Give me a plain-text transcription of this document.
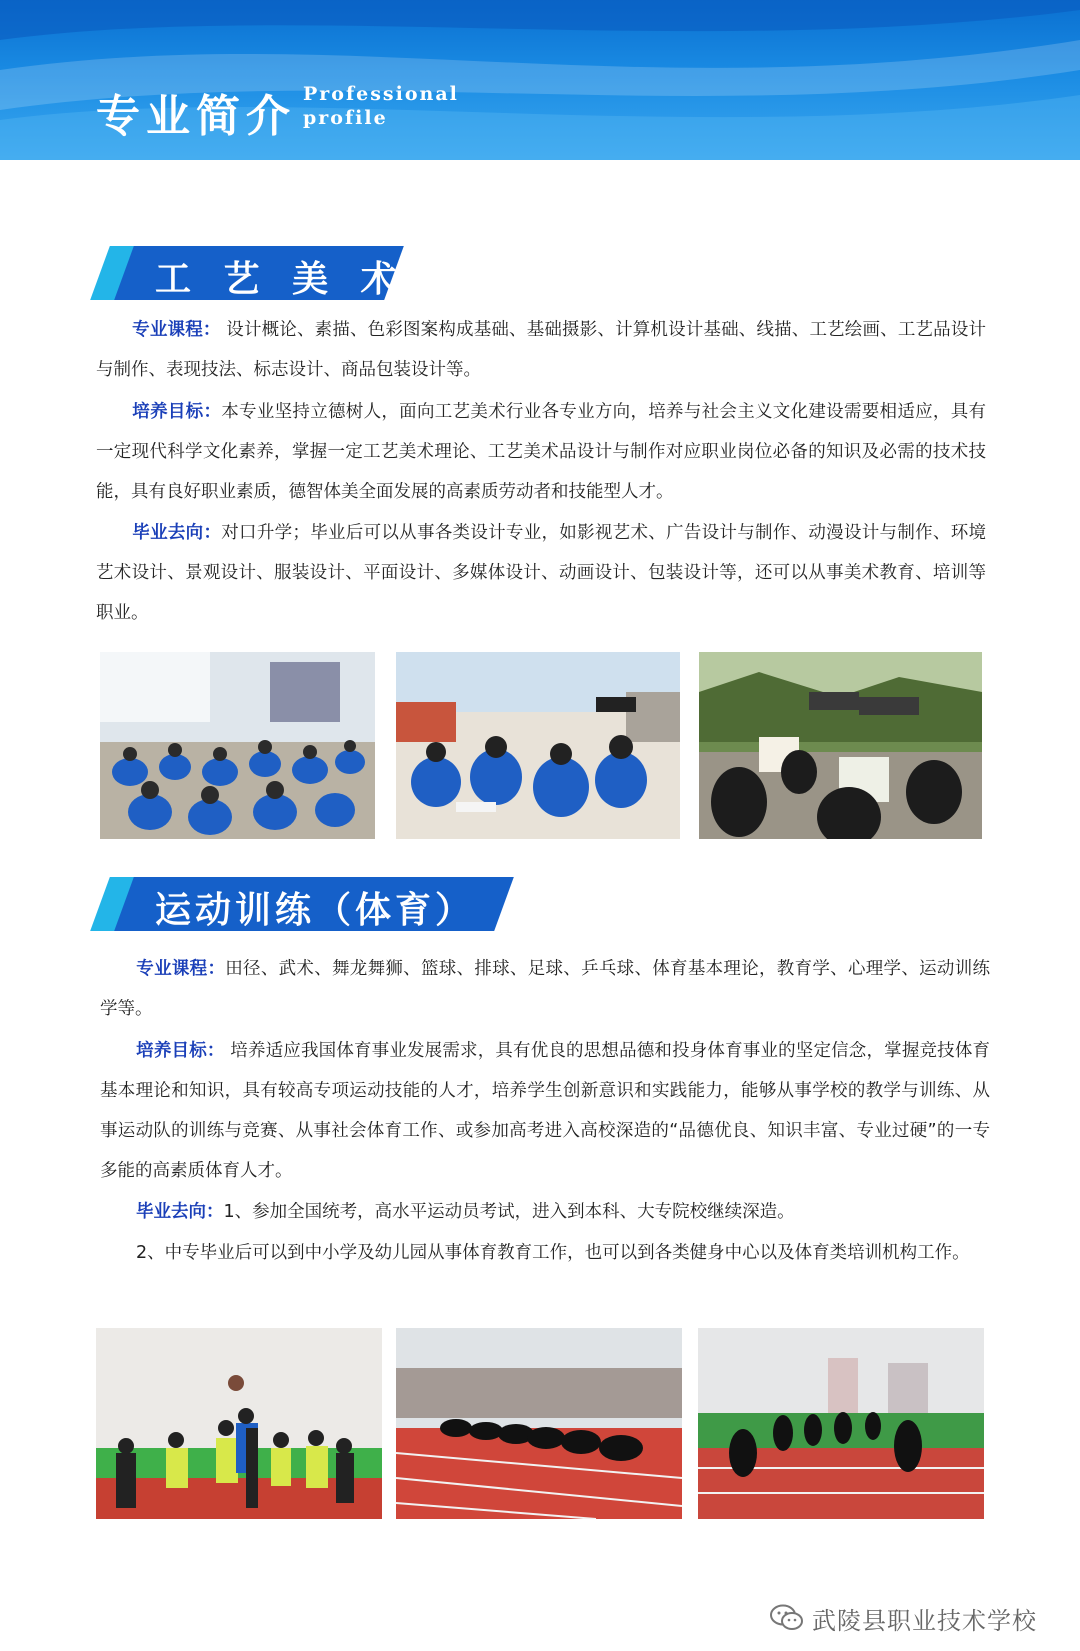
专业简介 Professional
profile
工 艺 美 术
专业课程： 设计概论、素描、色彩图案构成基础、基础摄影、计算机设计基础、线描、工艺绘画、工艺品设计与制作、表现技法、标志设计、商品包装设计等。
培养目标：本专业坚持立德树人，面向工艺美术行业各专业方向，培养与社会主义文化建设需要相适应，具有一定现代科学文化素养，掌握一定工艺美术理论、工艺美术品设计与制作对应职业岗位必备的知识及必需的技术技能，具有良好职业素质，德智体美全面发展的高素质劳动者和技能型人才。
毕业去向：对口升学；毕业后可以从事各类设计专业，如影视艺术、广告设计与制作、动漫设计与制作、环境艺术设计、景观设计、服装设计、平面设计、多媒体设计、动画设计、包装设计等，还可以从事美术教育、培训等职业。
运动训练（体育）
专业课程：田径、武术、舞龙舞狮、篮球、排球、足球、乒乓球、体育基本理论，教育学、心理学、运动训练学等。
培养目标： 培养适应我国体育事业发展需求，具有优良的思想品德和投身体育事业的坚定信念，掌握竞技体育基本理论和知识，具有较高专项运动技能的人才，培养学生创新意识和实践能力，能够从事学校的教学与训练、从事运动队的训练与竞赛、从事社会体育工作、或参加高考进入高校深造的“品德优良、知识丰富、专业过硬”的一专多能的高素质体育人才。
毕业去向：1、参加全国统考，高水平运动员考试，进入到本科、大专院校继续深造。
2、中专毕业后可以到中小学及幼儿园从事体育教育工作，也可以到各类健身中心以及体育类培训机构工作。
武陵县职业技术学校
